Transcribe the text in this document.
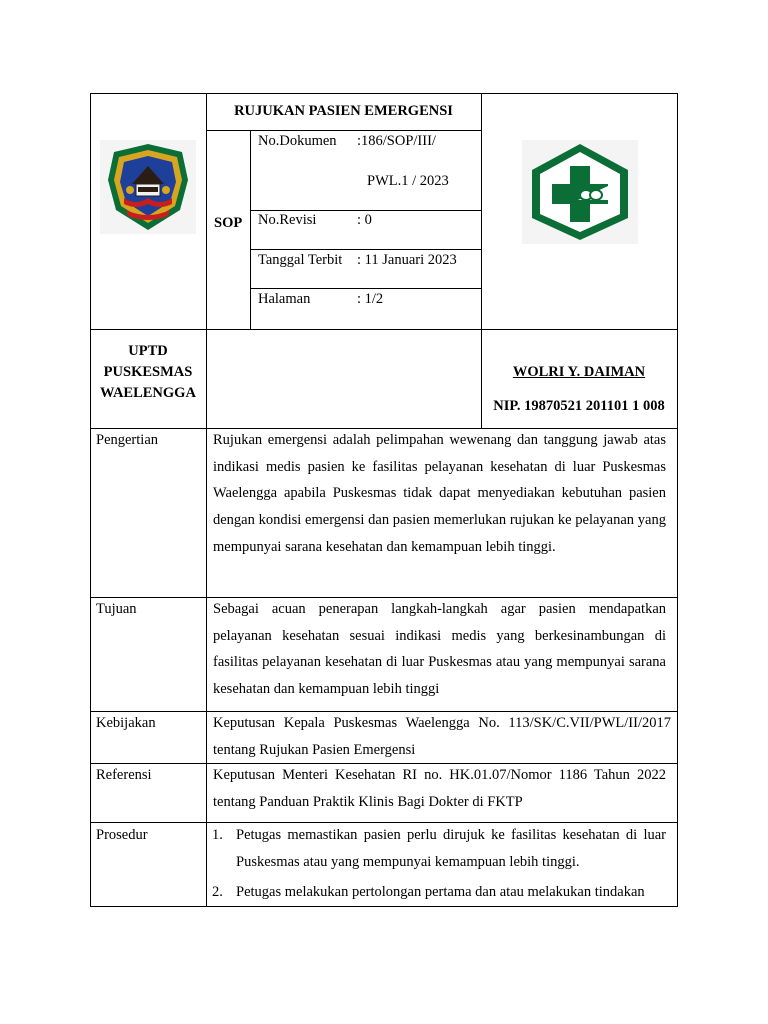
RUJUKAN PASIEN EMERGENSI
SOP
No.Dokumen :186/SOP/III/
PWL.1 / 2023
No.Revisi	: 0
Tanggal Terbit : 11 Januari 2023
Halaman	: 1/2
UPTD
PUSKESMAS
WAELENGGA
WOLRI Y. DAIMAN
NIP. 19870521 201101 1 008
Pengertian	Rujukan emergensi adalah pelimpahan wewenang dan tanggung jawab atas indikasi medis pasien ke fasilitas pelayanan kesehatan di luar Puskesmas Waelengga apabila Puskesmas tidak dapat menyediakan kebutuhan pasien dengan kondisi emergensi dan pasien memerlukan rujukan ke pelayanan yang mempunyai sarana kesehatan dan kemampuan lebih tinggi.
Tujuan	Sebagai acuan penerapan langkah-langkah agar pasien mendapatkan pelayanan kesehatan sesuai indikasi medis yang berkesinambungan di fasilitas pelayanan kesehatan di luar Puskesmas atau yang mempunyai sarana kesehatan dan kemampuan lebih tinggi
Kebijakan	Keputusan Kepala Puskesmas Waelengga No. 113/SK/C.VII/PWL/II/2017 tentang Rujukan Pasien Emergensi
Referensi	Keputusan Menteri Kesehatan RI no. HK.01.07/Nomor 1186 Tahun 2022 tentang Panduan Praktik Klinis Bagi Dokter di FKTP
Prosedur	1. Petugas memastikan pasien perlu dirujuk ke fasilitas kesehatan di luar Puskesmas atau yang mempunyai kemampuan lebih tinggi.
2. Petugas melakukan pertolongan pertama dan atau melakukan tindakan
